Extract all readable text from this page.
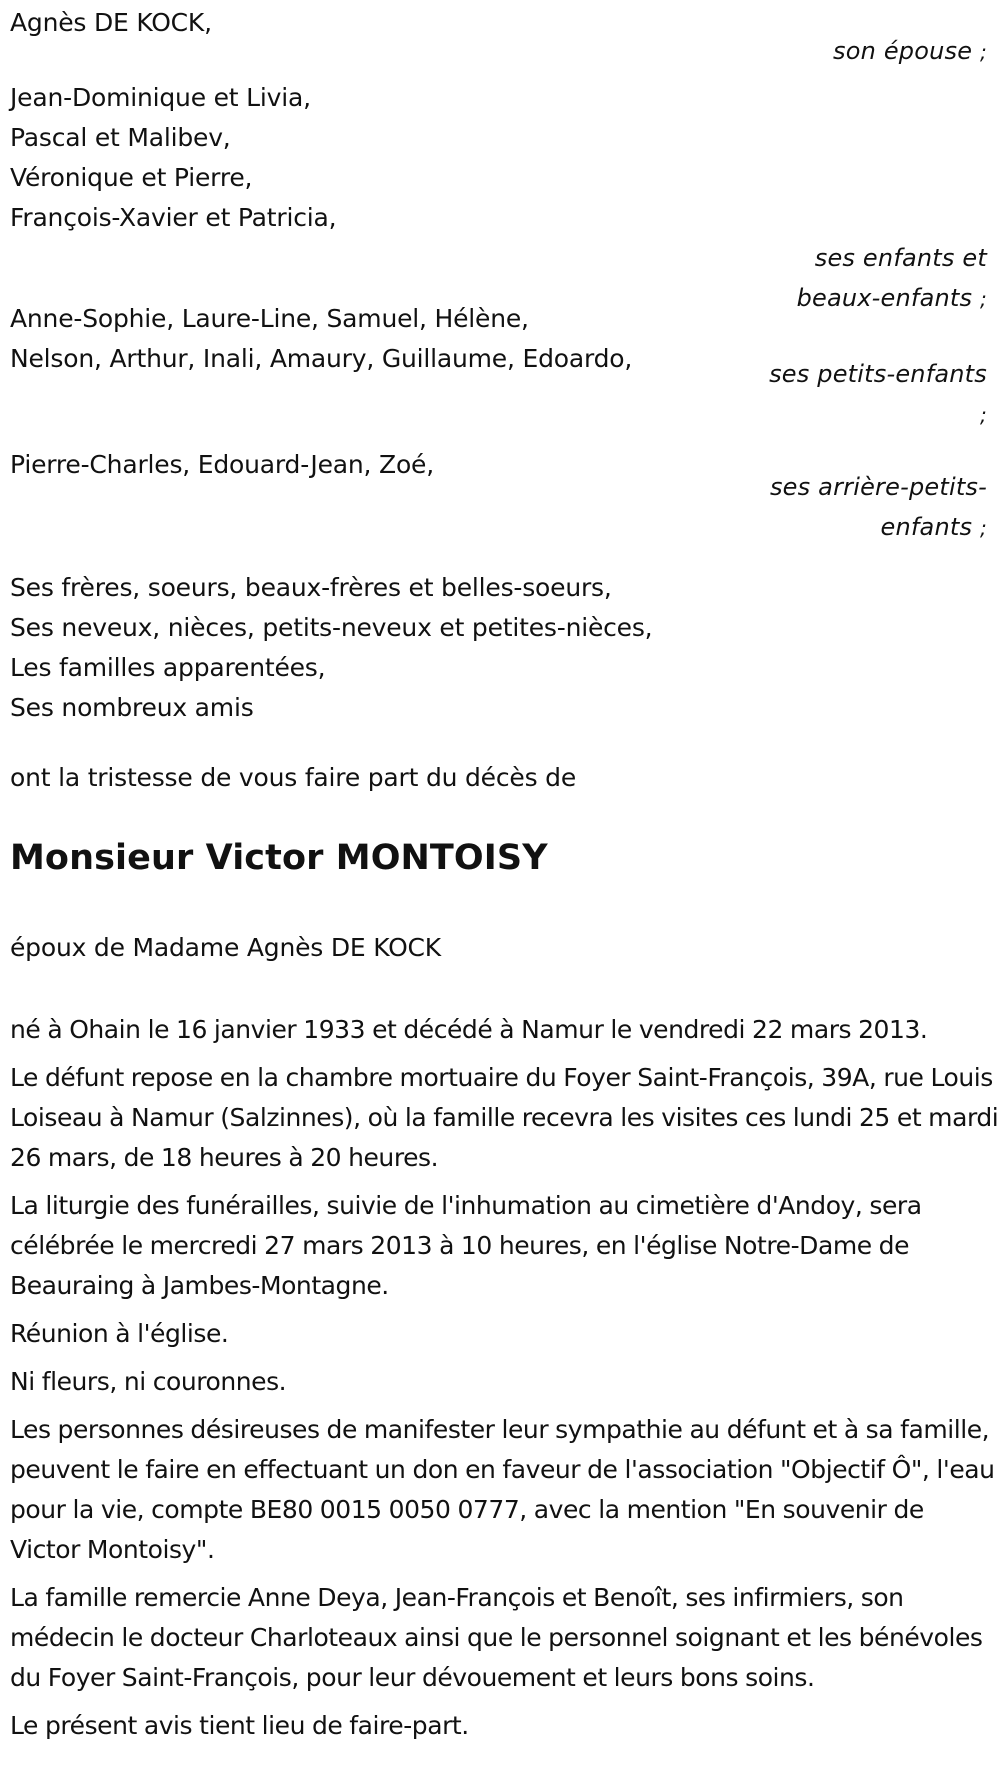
Agnès DE KOCK,
son épouse ;
Jean-Dominique et Livia,
Pascal et Malibev,
Véronique et Pierre,
François-Xavier et Patricia,
ses enfants et
beaux-enfants ;
Anne-Sophie, Laure-Line, Samuel, Hélène,
Nelson, Arthur, Inali, Amaury, Guillaume, Edoardo,
ses petits-enfants ;
Pierre-Charles, Edouard-Jean, Zoé,
ses arrière-petits-
enfants ;
Ses frères, soeurs, beaux-frères et belles-soeurs,
Ses neveux, nièces, petits-neveux et petites-nièces,
Les familles apparentées,
Ses nombreux amis
ont la tristesse de vous faire part du décès de
Monsieur Victor MONTOISY
époux de Madame Agnès DE KOCK
né à Ohain le 16 janvier 1933 et décédé à Namur le vendredi 22 mars 2013.
Le défunt repose en la chambre mortuaire du Foyer Saint-François, 39A, rue Louis Loiseau à Namur (Salzinnes), où la famille recevra les visites ces lundi 25 et mardi 26 mars, de 18 heures à 20 heures.
La liturgie des funérailles, suivie de l'inhumation au cimetière d'Andoy, sera célébrée le mercredi 27 mars 2013 à 10 heures, en l'église Notre-Dame de Beauraing à Jambes-Montagne.
Réunion à l'église.
Ni fleurs, ni couronnes.
Les personnes désireuses de manifester leur sympathie au défunt et à sa famille, peuvent le faire en effectuant un don en faveur de l'association "Objectif Ô", l'eau pour la vie, compte BE80 0015 0050 0777, avec la mention "En souvenir de Victor Montoisy".
La famille remercie Anne Deya, Jean-François et Benoît, ses infirmiers, son médecin le docteur Charloteaux ainsi que le personnel soignant et les bénévoles du Foyer Saint-François, pour leur dévouement et leurs bons soins.
Le présent avis tient lieu de faire-part.
